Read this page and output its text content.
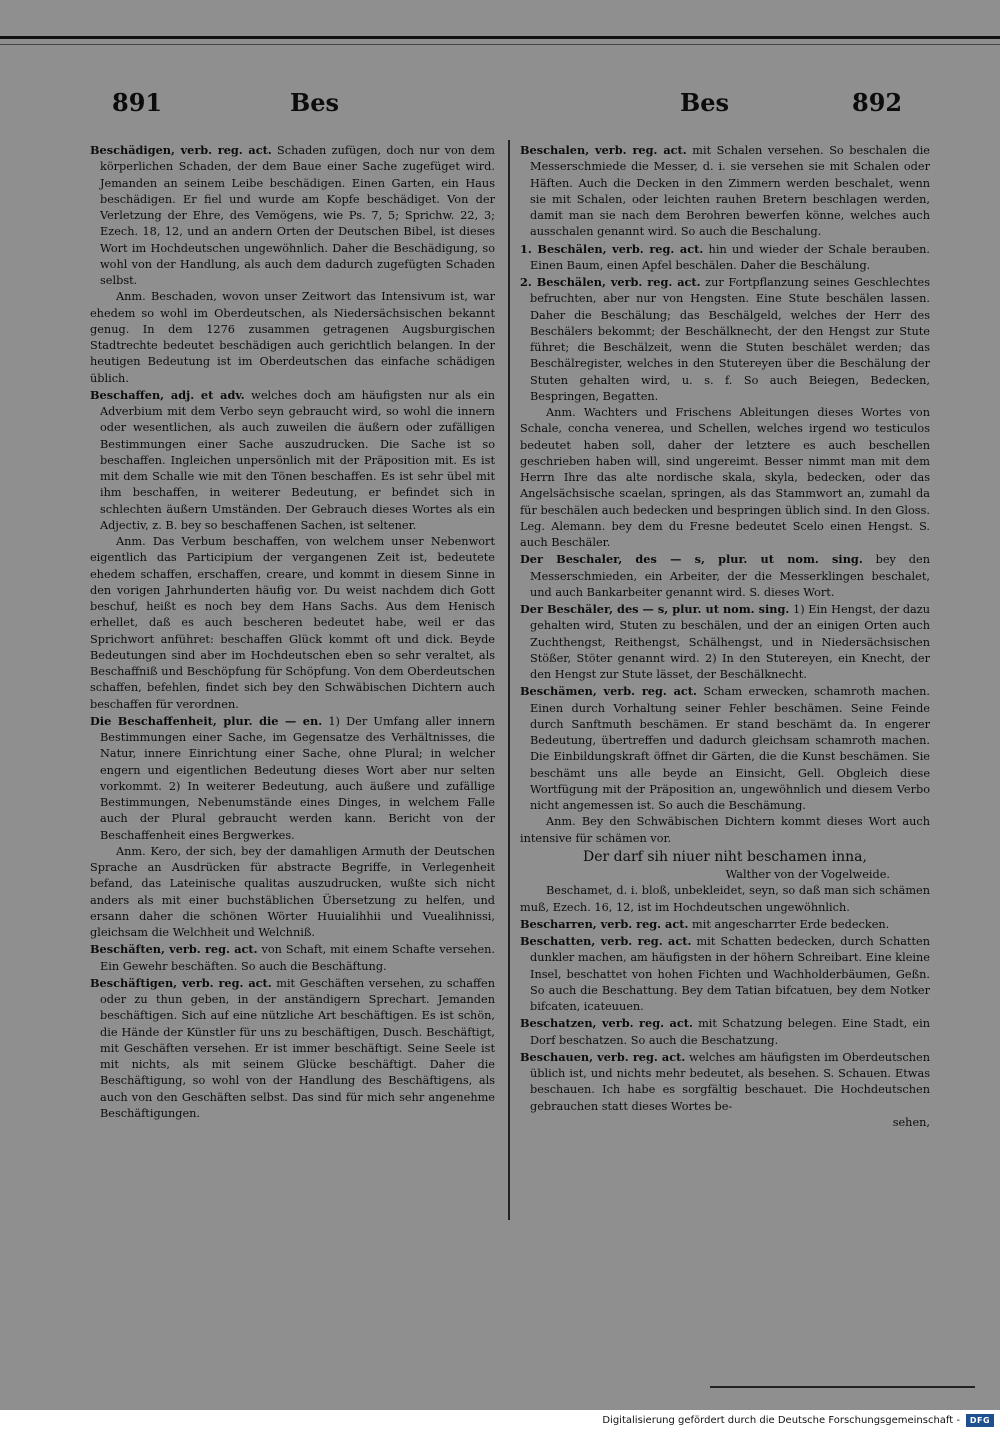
891	Bes	Bes	892

Beschädigen, verb. reg. act. Schaden zufügen, doch nur von dem körperlichen Schaden, der dem Baue einer Sache zugefüget wird. Jemanden an seinem Leibe beschädigen. Einen Garten, ein Haus beschädigen. Er fiel und wurde am Kopfe beschädiget. Von der Verletzung der Ehre, des Vemögens, wie Ps. 7, 5; Sprichw. 22, 3; Ezech. 18, 12, und an andern Orten der Deutschen Bibel, ist dieses Wort im Hochdeutschen ungewöhnlich. Daher die Beschädigung, so wohl von der Handlung, als auch dem dadurch zugefügten Schaden selbst.

Anm. Beschaden, wovon unser Zeitwort das Intensivum ist, war ehedem so wohl im Oberdeutschen, als Niedersächsischen bekannt genug. In dem 1276 zusammen getragenen Augsburgischen Stadtrechte bedeutet beschädigen auch gerichtlich belangen. In der heutigen Bedeutung ist im Oberdeutschen das einfache schädigen üblich.

Beschaffen, adj. et adv. welches doch am häufigsten nur als ein Adverbium mit dem Verbo seyn gebraucht wird, so wohl die innern oder wesentlichen, als auch zuweilen die äußern oder zufälligen Bestimmungen einer Sache auszudrucken. Die Sache ist so beschaffen. Ingleichen unpersönlich mit der Präposition mit. Es ist mit dem Schalle wie mit den Tönen beschaffen. Es ist sehr übel mit ihm beschaffen, in weiterer Bedeutung, er befindet sich in schlechten äußern Umständen. Der Gebrauch dieses Wortes als ein Adjectiv, z. B. bey so beschaffenen Sachen, ist seltener.

Anm. Das Verbum beschaffen, von welchem unser Nebenwort eigentlich das Participium der vergangenen Zeit ist, bedeutete ehedem schaffen, erschaffen, creare, und kommt in diesem Sinne in den vorigen Jahrhunderten häufig vor. Du weist nachdem dich Gott beschuf, heißt es noch bey dem Hans Sachs. Aus dem Henisch erhellet, daß es auch bescheren bedeutet habe, weil er das Sprichwort anführet: beschaffen Glück kommt oft und dick. Beyde Bedeutungen sind aber im Hochdeutschen eben so sehr veraltet, als Beschaffniß und Beschöpfung für Schöpfung. Von dem Oberdeutschen schaffen, befehlen, findet sich bey den Schwäbischen Dichtern auch beschaffen für verordnen.

Die Beschaffenheit, plur. die — en. 1) Der Umfang aller innern Bestimmungen einer Sache, im Gegensatze des Verhältnisses, die Natur, innere Einrichtung einer Sache, ohne Plural; in welcher engern und eigentlichen Bedeutung dieses Wort aber nur selten vorkommt. 2) In weiterer Bedeutung, auch äußere und zufällige Bestimmungen, Nebenumstände eines Dinges, in welchem Falle auch der Plural gebraucht werden kann. Bericht von der Beschaffenheit eines Bergwerkes.

Anm. Kero, der sich, bey der damahligen Armuth der Deutschen Sprache an Ausdrücken für abstracte Begriffe, in Verlegenheit befand, das Lateinische qualitas auszudrucken, wußte sich nicht anders als mit einer buchstäblichen Übersetzung zu helfen, und ersann daher die schönen Wörter Huuialihhii und Vuealihnissi, gleichsam die Welchheit und Welchniß.

Beschäften, verb. reg. act. von Schaft, mit einem Schafte versehen. Ein Gewehr beschäften. So auch die Beschäftung.

Beschäftigen, verb. reg. act. mit Geschäften versehen, zu schaffen oder zu thun geben, in der anständigern Sprechart. Jemanden beschäftigen. Sich auf eine nützliche Art beschäftigen. Es ist schön, die Hände der Künstler für uns zu beschäftigen, Dusch. Beschäftigt, mit Geschäften versehen. Er ist immer beschäftigt. Seine Seele ist mit nichts, als mit seinem Glücke beschäftigt. Daher die Beschäftigung, so wohl von der Handlung des Beschäftigens, als auch von den Geschäften selbst. Das sind für mich sehr angenehme Beschäftigungen.

Beschalen, verb. reg. act. mit Schalen versehen. So beschalen die Messerschmiede die Messer, d. i. sie versehen sie mit Schalen oder Häften. Auch die Decken in den Zimmern werden beschalet, wenn sie mit Schalen, oder leichten rauhen Bretern beschlagen werden, damit man sie nach dem Berohren bewerfen könne, welches auch ausschalen genannt wird. So auch die Beschalung.

1. Beschälen, verb. reg. act. hin und wieder der Schale berauben. Einen Baum, einen Apfel beschälen. Daher die Beschälung.

2. Beschälen, verb. reg. act. zur Fortpflanzung seines Geschlechtes befruchten, aber nur von Hengsten. Eine Stute beschälen lassen. Daher die Beschälung; das Beschälgeld, welches der Herr des Beschälers bekommt; der Beschälknecht, der den Hengst zur Stute führet; die Beschälzeit, wenn die Stuten beschälet werden; das Beschälregister, welches in den Stutereyen über die Beschälung der Stuten gehalten wird, u. s. f. So auch Beiegen, Bedecken, Bespringen, Begatten.

Anm. Wachters und Frischens Ableitungen dieses Wortes von Schale, concha venerea, und Schellen, welches irgend wo testiculos bedeutet haben soll, daher der letztere es auch beschellen geschrieben haben will, sind ungereimt. Besser nimmt man mit dem Herrn Ihre das alte nordische skala, skyla, bedecken, oder das Angelsächsische scaelan, springen, als das Stammwort an, zumahl da für beschälen auch bedecken und bespringen üblich sind. In den Gloss. Leg. Alemann. bey dem du Fresne bedeutet Scelo einen Hengst. S. auch Beschäler.

Der Beschaler, des — s, plur. ut nom. sing. bey den Messerschmieden, ein Arbeiter, der die Messerklingen beschalet, und auch Bankarbeiter genannt wird. S. dieses Wort.

Der Beschäler, des — s, plur. ut nom. sing. 1) Ein Hengst, der dazu gehalten wird, Stuten zu beschälen, und der an einigen Orten auch Zuchthengst, Reithengst, Schälhengst, und in Niedersächsischen Stößer, Stöter genannt wird. 2) In den Stutereyen, ein Knecht, der den Hengst zur Stute lässet, der Beschälknecht.

Beschämen, verb. reg. act. Scham erwecken, schamroth machen. Einen durch Vorhaltung seiner Fehler beschämen. Seine Feinde durch Sanftmuth beschämen. Er stand beschämt da. In engerer Bedeutung, übertreffen und dadurch gleichsam schamroth machen. Die Einbildungskraft öffnet dir Gärten, die die Kunst beschämen. Sie beschämt uns alle beyde an Einsicht, Gell. Obgleich diese Wortfügung mit der Präposition an, ungewöhnlich und diesem Verbo nicht angemessen ist. So auch die Beschämung.

Anm. Bey den Schwäbischen Dichtern kommt dieses Wort auch intensive für schämen vor.

Der darf sih niuer niht beschamen inna,

Walther von der Vogelweide.

Beschamet, d. i. bloß, unbekleidet, seyn, so daß man sich schämen muß, Ezech. 16, 12, ist im Hochdeutschen ungewöhnlich.

Bescharren, verb. reg. act. mit angescharrter Erde bedecken.

Beschatten, verb. reg. act. mit Schatten bedecken, durch Schatten dunkler machen, am häufigsten in der höhern Schreibart. Eine kleine Insel, beschattet von hohen Fichten und Wachholderbäumen, Geßn. So auch die Beschattung. Bey dem Tatian bifcatuen, bey dem Notker bifcaten, icateuuen.

Beschatzen, verb. reg. act. mit Schatzung belegen. Eine Stadt, ein Dorf beschatzen. So auch die Beschatzung.

Beschauen, verb. reg. act. welches am häufigsten im Oberdeutschen üblich ist, und nichts mehr bedeutet, als besehen. S. Schauen. Etwas beschauen. Ich habe es sorgfältig beschauet. Die Hochdeutschen gebrauchen statt dieses Wortes be-

sehen,

Digitalisierung gefördert durch die Deutsche Forschungsgemeinschaft -	DFG
